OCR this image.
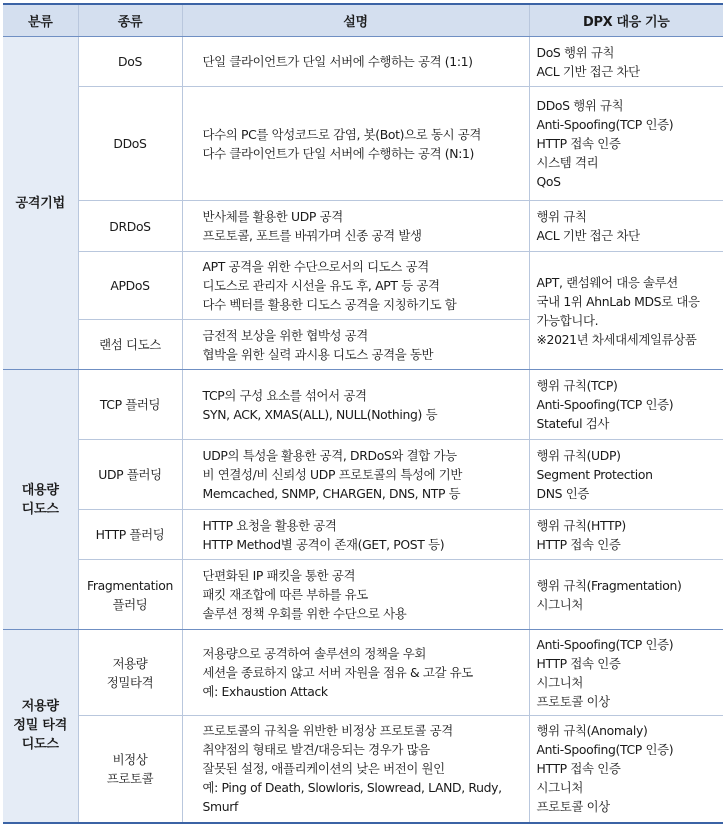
분류	종류	설명	DPX 대응 기능

공격기법	DoS	단일 클라이언트가 단일 서버에 수행하는 공격 (1:1)	DoS 행위 규칙
ACL 기반 접근 차단

	DDoS	다수의 PC를 악성코드로 감염, 봇(Bot)으로 동시 공격
다수 클라이언트가 단일 서버에 수행하는 공격 (N:1)	DDoS 행위 규칙
Anti-Spoofing(TCP 인증)
HTTP 접속 인증
시스템 격리
QoS

	DRDoS	반사체를 활용한 UDP 공격
프로토콜, 포트를 바꿔가며 신종 공격 발생	행위 규칙
ACL 기반 접근 차단

	APDoS	APT 공격을 위한 수단으로서의 디도스 공격
디도스로 관리자 시선을 유도 후, APT 등 공격
다수 벡터를 활용한 디도스 공격을 지칭하기도 함	APT, 랜섬웨어 대응 솔루션
국내 1위 AhnLab MDS로 대응
가능합니다.
※2021년 차세대세계일류상품

	랜섬 디도스	금전적 보상을 위한 협박성 공격
협박을 위한 실력 과시용 디도스 공격을 동반	

대용량
디도스	TCP 플러딩	TCP의 구성 요소를 섞어서 공격
SYN, ACK, XMAS(ALL), NULL(Nothing) 등	행위 규칙(TCP)
Anti-Spoofing(TCP 인증)
Stateful 검사

	UDP 플러딩	UDP의 특성을 활용한 공격, DRDoS와 결합 가능
비 연결성/비 신뢰성 UDP 프로토콜의 특성에 기반
Memcached, SNMP, CHARGEN, DNS, NTP 등	행위 규칙(UDP)
Segment Protection
DNS 인증

	HTTP 플러딩	HTTP 요청을 활용한 공격
HTTP Method별 공격이 존재(GET, POST 등)	행위 규칙(HTTP)
HTTP 접속 인증

	Fragmentation
플러딩	단편화된 IP 패킷을 통한 공격
패킷 재조합에 따른 부하를 유도
솔루션 정책 우회를 위한 수단으로 사용	행위 규칙(Fragmentation)
시그니처

저용량
정밀 타격
디도스	저용량
정밀타격	저용량으로 공격하여 솔루션의 정책을 우회
세션을 종료하지 않고 서버 자원을 점유 & 고갈 유도
예: Exhaustion Attack	Anti-Spoofing(TCP 인증)
HTTP 접속 인증
시그니처
프로토콜 이상

	비정상
프로토콜	프로토콜의 규칙을 위반한 비정상 프로토콜 공격
취약점의 형태로 발견/대응되는 경우가 많음
잘못된 설정, 애플리케이션의 낮은 버전이 원인
예: Ping of Death, Slowloris, Slowread, LAND, Rudy,
Smurf	행위 규칙(Anomaly)
Anti-Spoofing(TCP 인증)
HTTP 접속 인증
시그니처
프로토콜 이상
